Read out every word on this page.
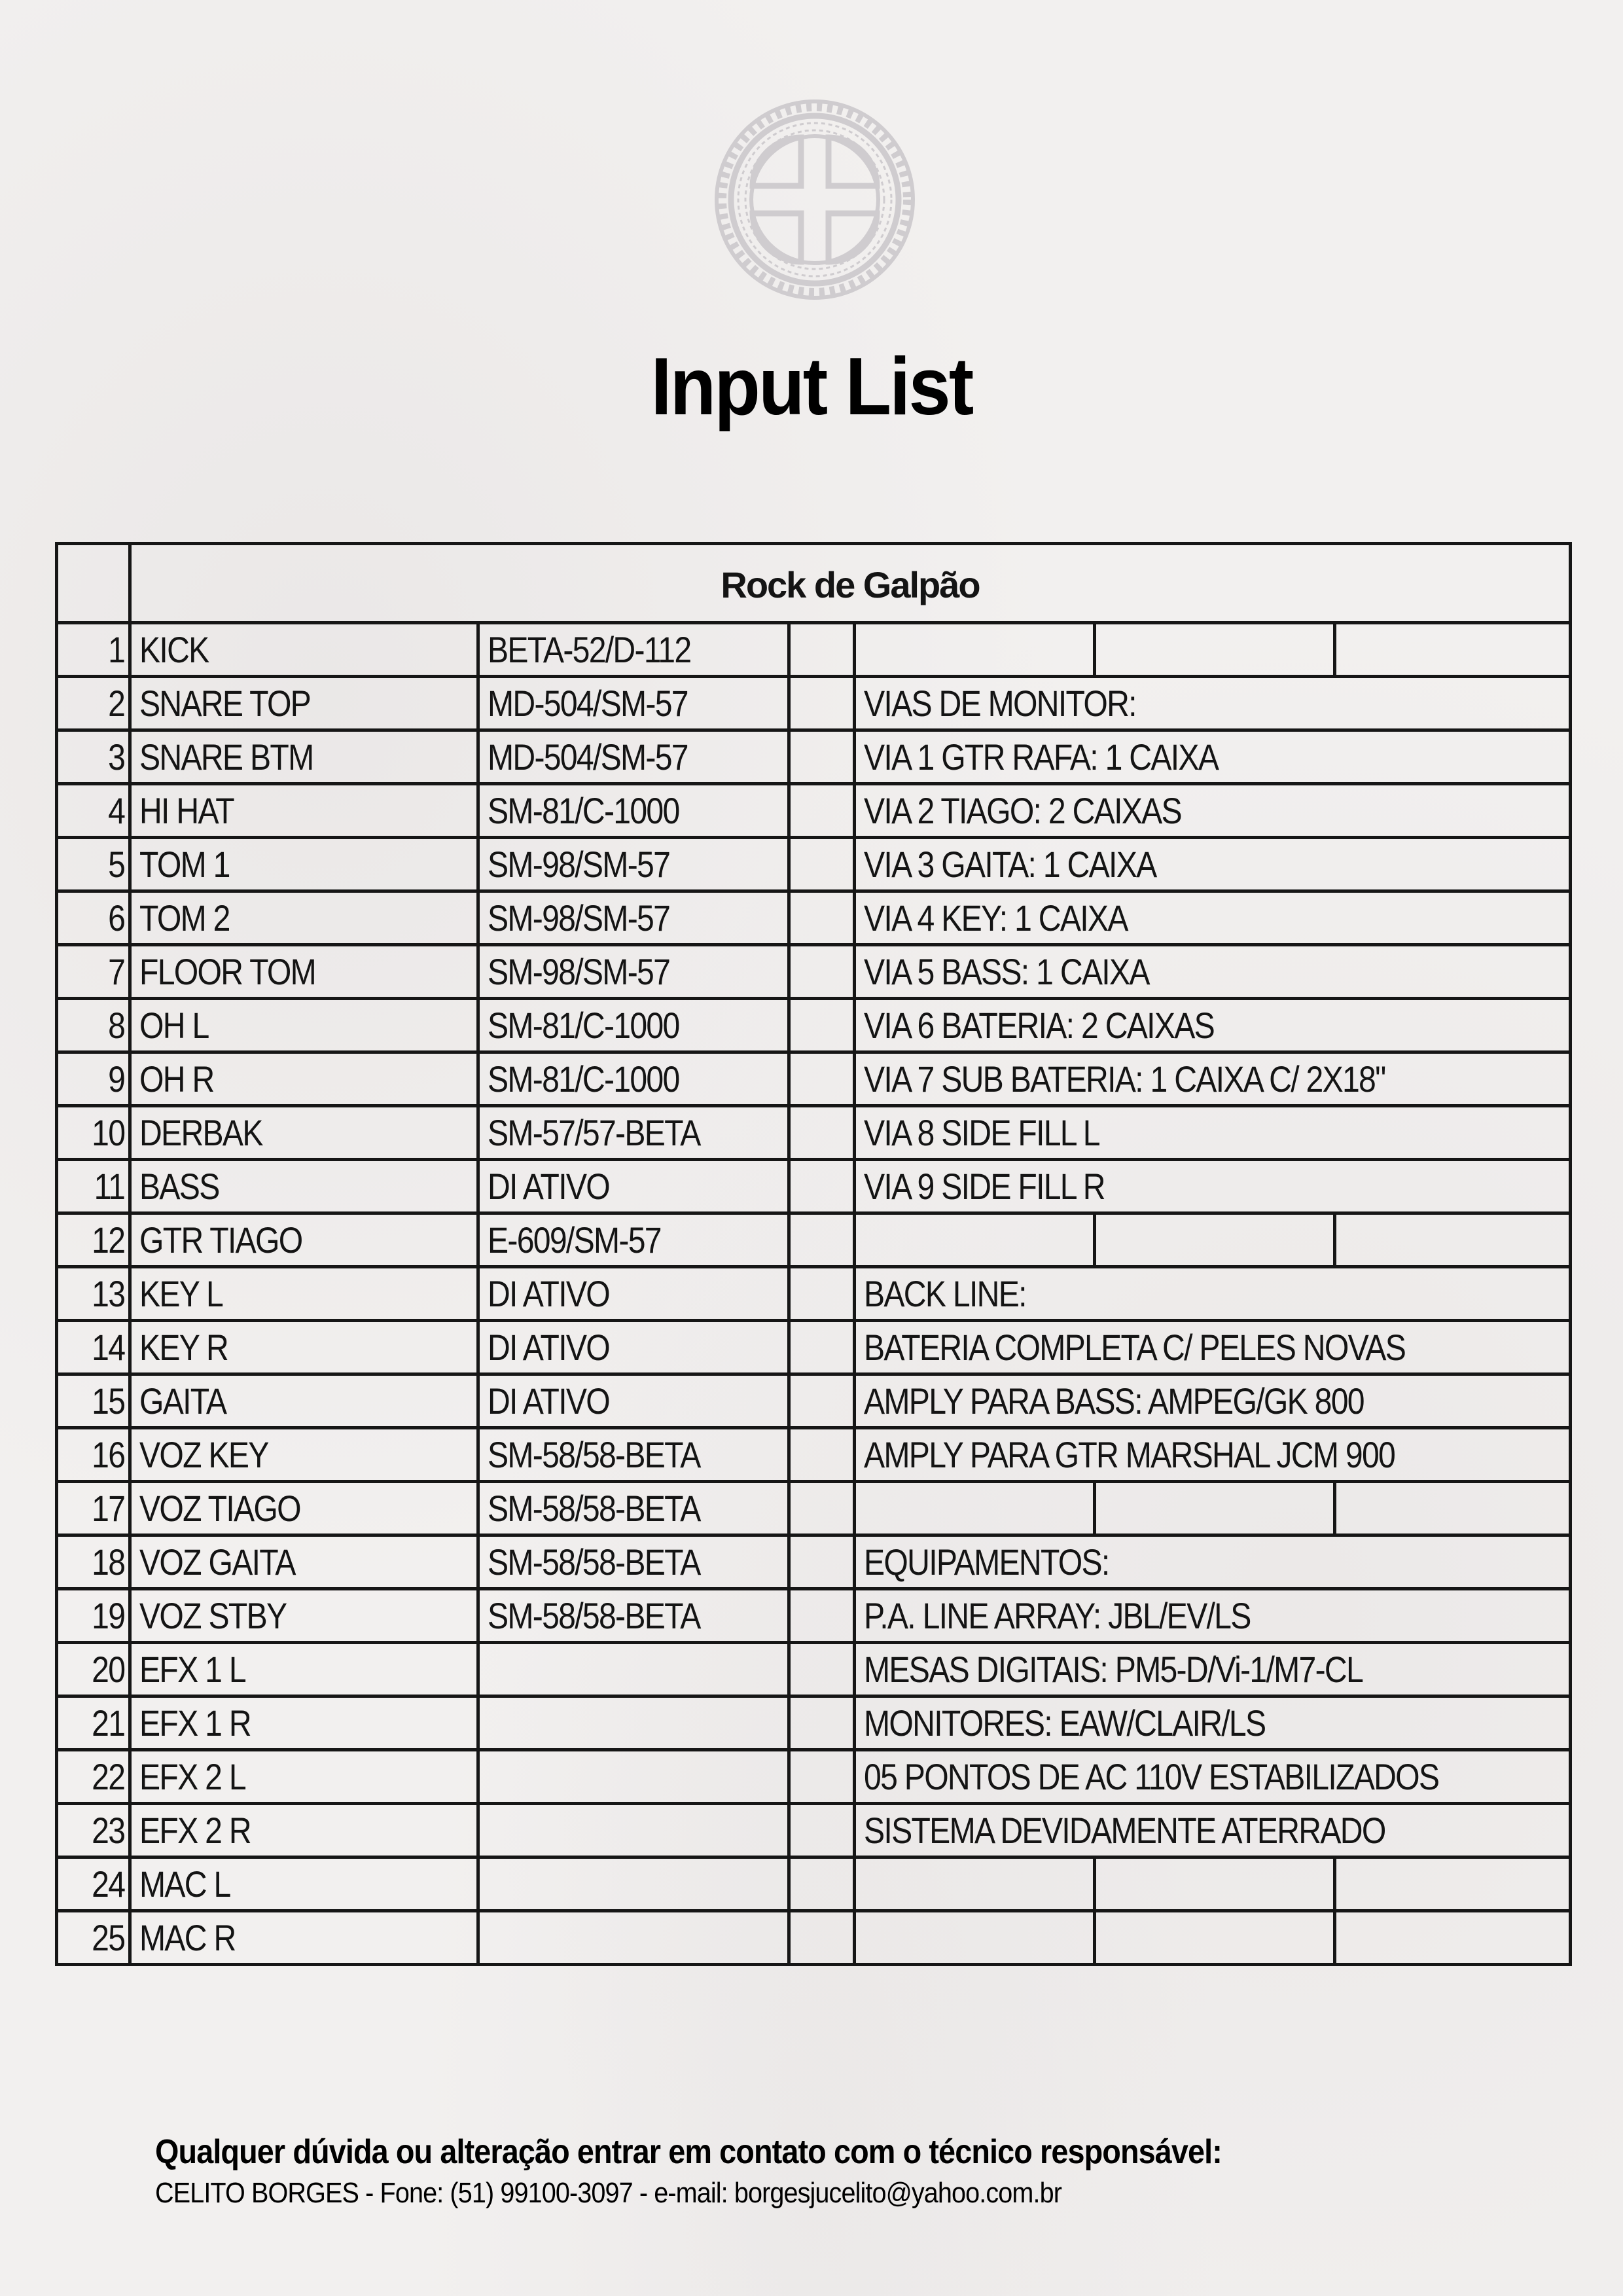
Input List
	Rock de Galpão					
1	KICK	BETA-52/D-112				
2	SNARE TOP	MD-504/SM-57		VIAS DE MONITOR:		
3	SNARE BTM	MD-504/SM-57		VIA 1 GTR RAFA: 1 CAIXA		
4	HI HAT	SM-81/C-1000		VIA 2 TIAGO: 2 CAIXAS		
5	TOM 1	SM-98/SM-57		VIA 3 GAITA: 1 CAIXA		
6	TOM 2	SM-98/SM-57		VIA 4 KEY: 1 CAIXA		
7	FLOOR TOM	SM-98/SM-57		VIA 5 BASS: 1 CAIXA		
8	OH L	SM-81/C-1000		VIA 6 BATERIA: 2 CAIXAS		
9	OH R	SM-81/C-1000		VIA 7 SUB BATERIA: 1 CAIXA C/ 2X18"		
10	DERBAK	SM-57/57-BETA		VIA 8 SIDE FILL L		
11	BASS	DI ATIVO		VIA 9 SIDE FILL R		
12	GTR TIAGO	E-609/SM-57				
13	KEY L	DI ATIVO		BACK LINE:		
14	KEY R	DI ATIVO		BATERIA COMPLETA C/ PELES NOVAS		
15	GAITA	DI ATIVO		AMPLY PARA BASS: AMPEG/GK 800		
16	VOZ KEY	SM-58/58-BETA		AMPLY PARA GTR MARSHAL JCM 900		
17	VOZ TIAGO	SM-58/58-BETA				
18	VOZ GAITA	SM-58/58-BETA		EQUIPAMENTOS:		
19	VOZ STBY	SM-58/58-BETA		P.A. LINE ARRAY: JBL/EV/LS		
20	EFX 1 L			MESAS DIGITAIS: PM5-D/Vi-1/M7-CL		
21	EFX 1 R			MONITORES: EAW/CLAIR/LS		
22	EFX 2 L			05 PONTOS DE AC 110V ESTABILIZADOS		
23	EFX 2 R			SISTEMA DEVIDAMENTE ATERRADO		
24	MAC L					
25	MAC R					
Qualquer dúvida ou alteração entrar em contato com o técnico responsável:
CELITO BORGES - Fone: (51) 99100-3097 - e-mail: borgesjucelito@yahoo.com.br
